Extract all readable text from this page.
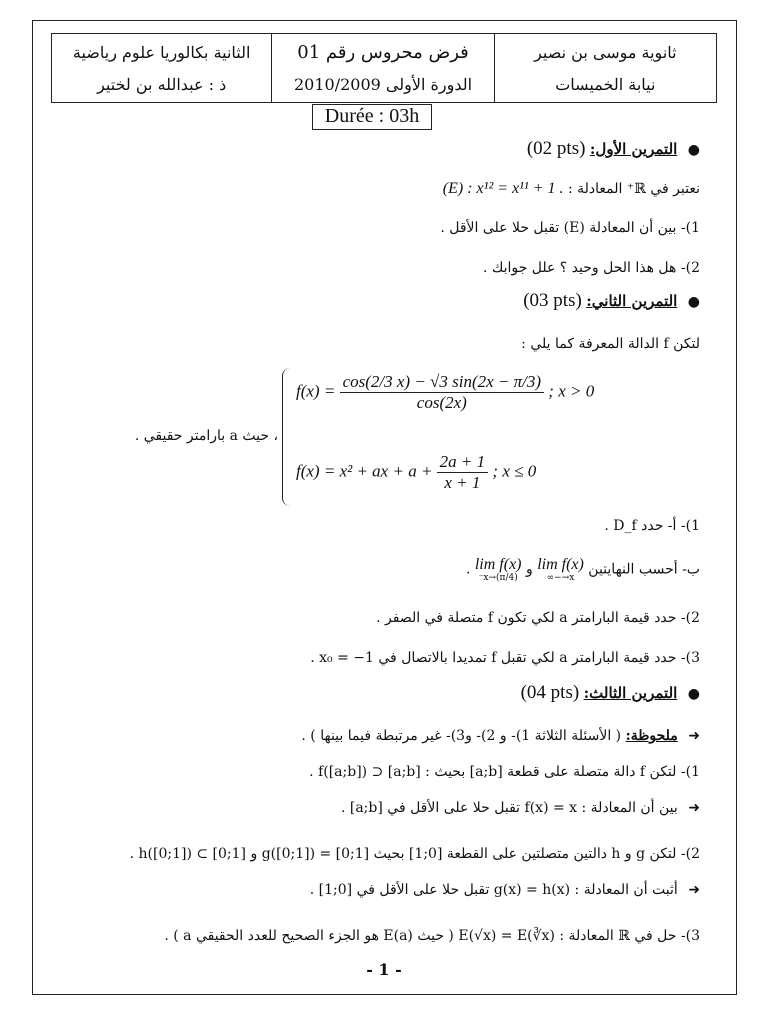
الثانية بكالوريا علوم رياضية
ذ : عبدالله بن لختير
فرض محروس رقم 01
الدورة الأولى 2010/2009
ثانوية موسى بن نصير
نيابة الخميسات
Durée : 03h
● التمرين الأول: (02 pts)
نعتبر في ℝ⁺ المعادلة : (E) : x¹² = x¹¹ + 1 .
1)- بين أن المعادلة (E) تقبل حلا على الأقل .
2)- هل هذا الحل وحيد ؟ علل جوابك .
● التمرين الثاني: (03 pts)
لتكن f الدالة المعرفة كما يلي :
$f(x) = \frac{\cos(2/3 x) - √3 \sin(2x - \pi/3)}{\cos(2x)}$ ; x > 0
f(x) = x² + ax + $a + \frac{2a + 1}{x + 1}$ ; x ≤ 0
، حيث a بارامتر حقيقي .
1)- أ- حدد D_f .
ب- أحسب النهايتين lim f(x)
x→−∞
و lim f(x)
x→(π/4)⁻
.
2)- حدد قيمة البارامتر a لكي تكون f متصلة في الصفر .
3)- حدد قيمة البارامتر a لكي تقبل f تمديدا بالاتصال في x₀ = −1 .
● التمرين الثالث: (04 pts)
➜ ملحوظة: ( الأسئلة الثلاثة 1)- و 2)- و3)- غير مرتبطة فيما بينها ) .
1)- لتكن f دالة متصلة على قطعة [a;b] بحيث : [a;b] ⊂ f([a;b]) .
➜ بين أن المعادلة : f(x) = x تقبل حلا على الأقل في [a;b] .
2)- لتكن g و h دالتين متصلتين على القطعة [0;1] بحيث g([0;1]) = [0;1] و h([0;1]) ⊂ [0;1] .
➜ أثبت أن المعادلة : g(x) = h(x) تقبل حلا على الأقل في [0;1] .
3)- حل في ℝ المعادلة : E(√x) = E(∛x) ( حيث E(a) هو الجزء الصحيح للعدد الحقيقي a ) .
- 1 -
